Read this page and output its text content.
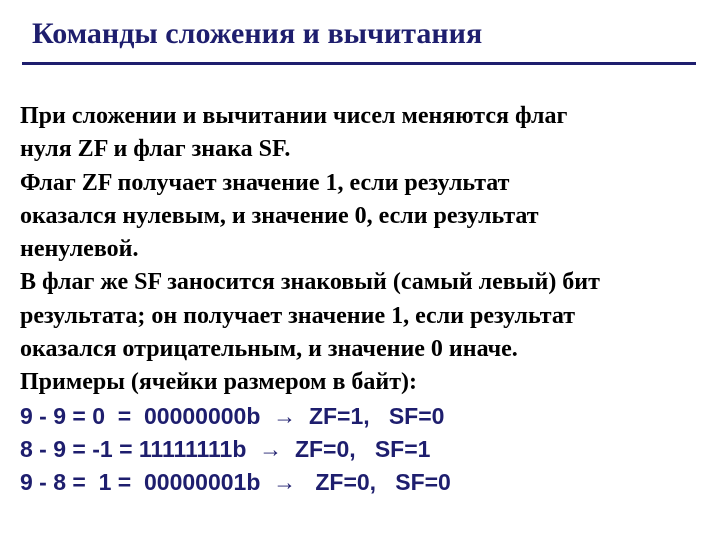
Команды сложения и вычитания
При сложении и вычитании чисел меняются флаг
нуля ZF и флаг знака SF.
Флаг ZF получает значение 1, если результат
оказался нулевым, и значение 0, если результат
ненулевой.
В флаг же SF заносится знаковый (самый левый) бит
результата; он получает значение 1, если результат
оказался отрицательным, и значение 0 иначе.
Примеры (ячейки размером в байт):
9 - 9 = 0  =  00000000b  →  ZF=1,   SF=0
8 - 9 = -1 = 11111111b  →  ZF=0,   SF=1
9 - 8 =  1 =  00000001b  →   ZF=0,   SF=0
